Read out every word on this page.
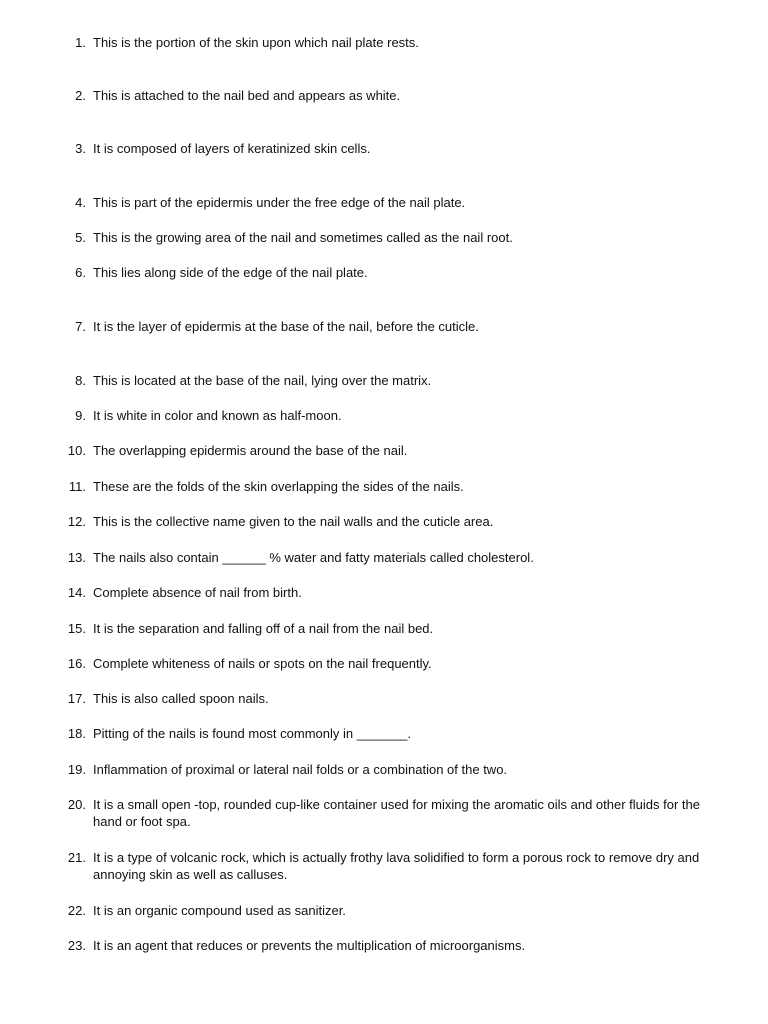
1. This is the portion of the skin upon which nail plate rests.
2. This is attached to the nail bed and appears as white.
3. It is composed of layers of keratinized skin cells.
4. This is part of the epidermis under the free edge of the nail plate.
5. This is the growing area of the nail and sometimes called as the nail root.
6. This lies along side of the edge of the nail plate.
7. It is the layer of epidermis at the base of the nail, before the cuticle.
8. This is located at the base of the nail, lying over the matrix.
9. It is white in color and known as half-moon.
10. The overlapping epidermis around the base of the nail.
11. These are the folds of the skin overlapping the sides of the nails.
12. This is the collective name given to the nail walls and the cuticle area.
13. The nails also contain ______ % water and fatty materials called cholesterol.
14. Complete absence of nail from birth.
15. It is the separation and falling off of a nail from the nail bed.
16. Complete whiteness of nails or spots on the nail frequently.
17. This is also called spoon nails.
18. Pitting of the nails is found most commonly in _______.
19. Inflammation of proximal or lateral nail folds or a combination of the two.
20. It is a small open -top, rounded cup-like container used for mixing the aromatic oils and other fluids for the hand or foot spa.
21. It is a type of volcanic rock, which is actually frothy lava solidified to form a porous rock to remove dry and annoying skin as well as calluses.
22. It is an organic compound used as sanitizer.
23. It is an agent that reduces or prevents the multiplication of microorganisms.
